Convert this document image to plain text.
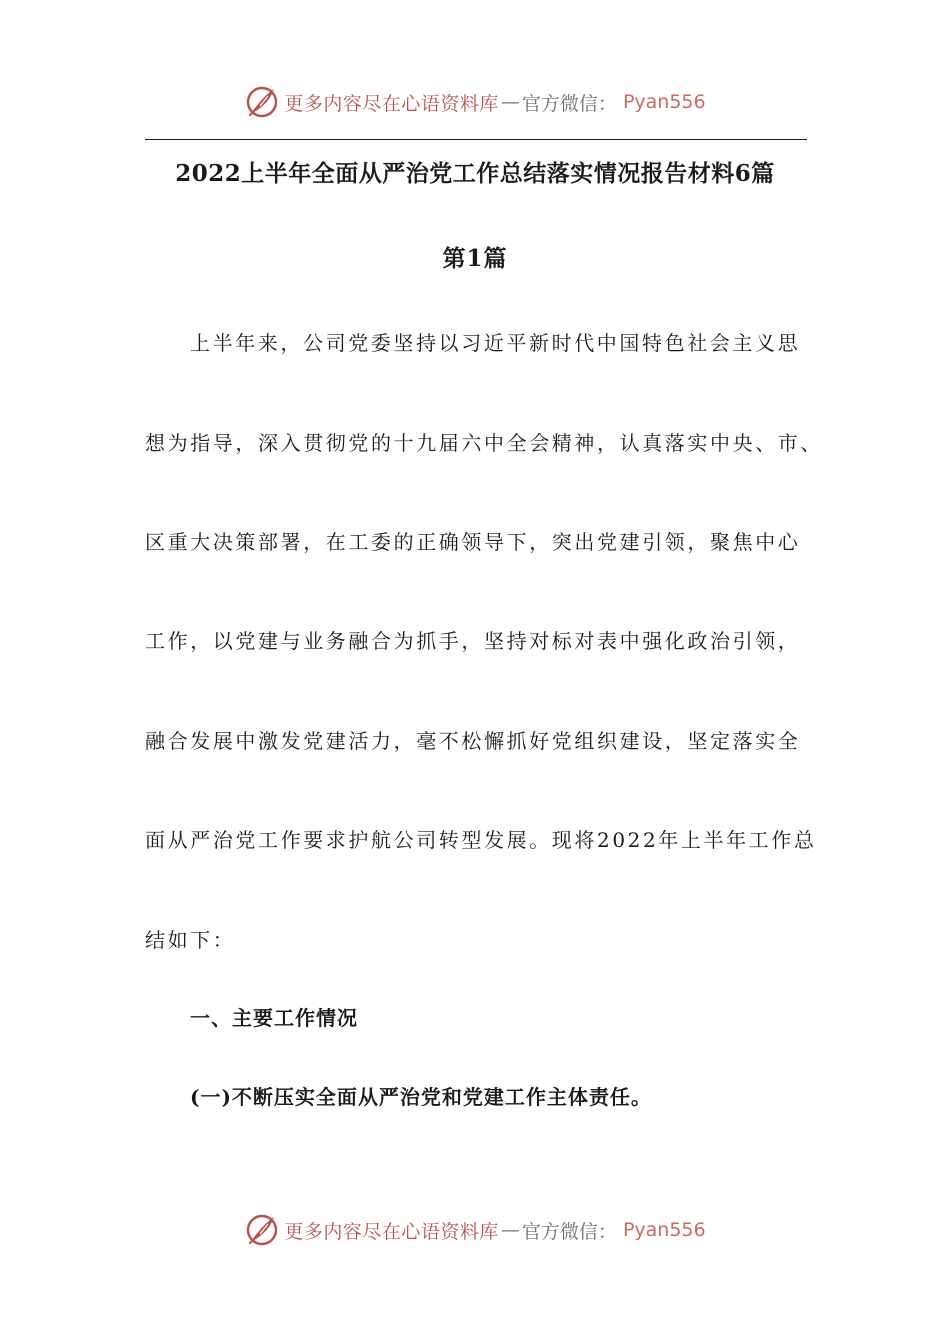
更多内容尽在心语资料库 — 官方微信： Pyan556
2022上半年全面从严治党工作总结落实情况报告材料6篇
第1篇
上半年来，公司党委坚持以习近平新时代中国特色社会主义思
想为指导，深入贯彻党的十九届六中全会精神，认真落实中央、市、
区重大决策部署，在工委的正确领导下，突出党建引领，聚焦中心
工作，以党建与业务融合为抓手，坚持对标对表中强化政治引领，
融合发展中激发党建活力，毫不松懈抓好党组织建设，坚定落实全
面从严治党工作要求护航公司转型发展。现将2022年上半年工作总
结如下：
一、主要工作情况
(一)不断压实全面从严治党和党建工作主体责任。
更多内容尽在心语资料库 — 官方微信： Pyan556
